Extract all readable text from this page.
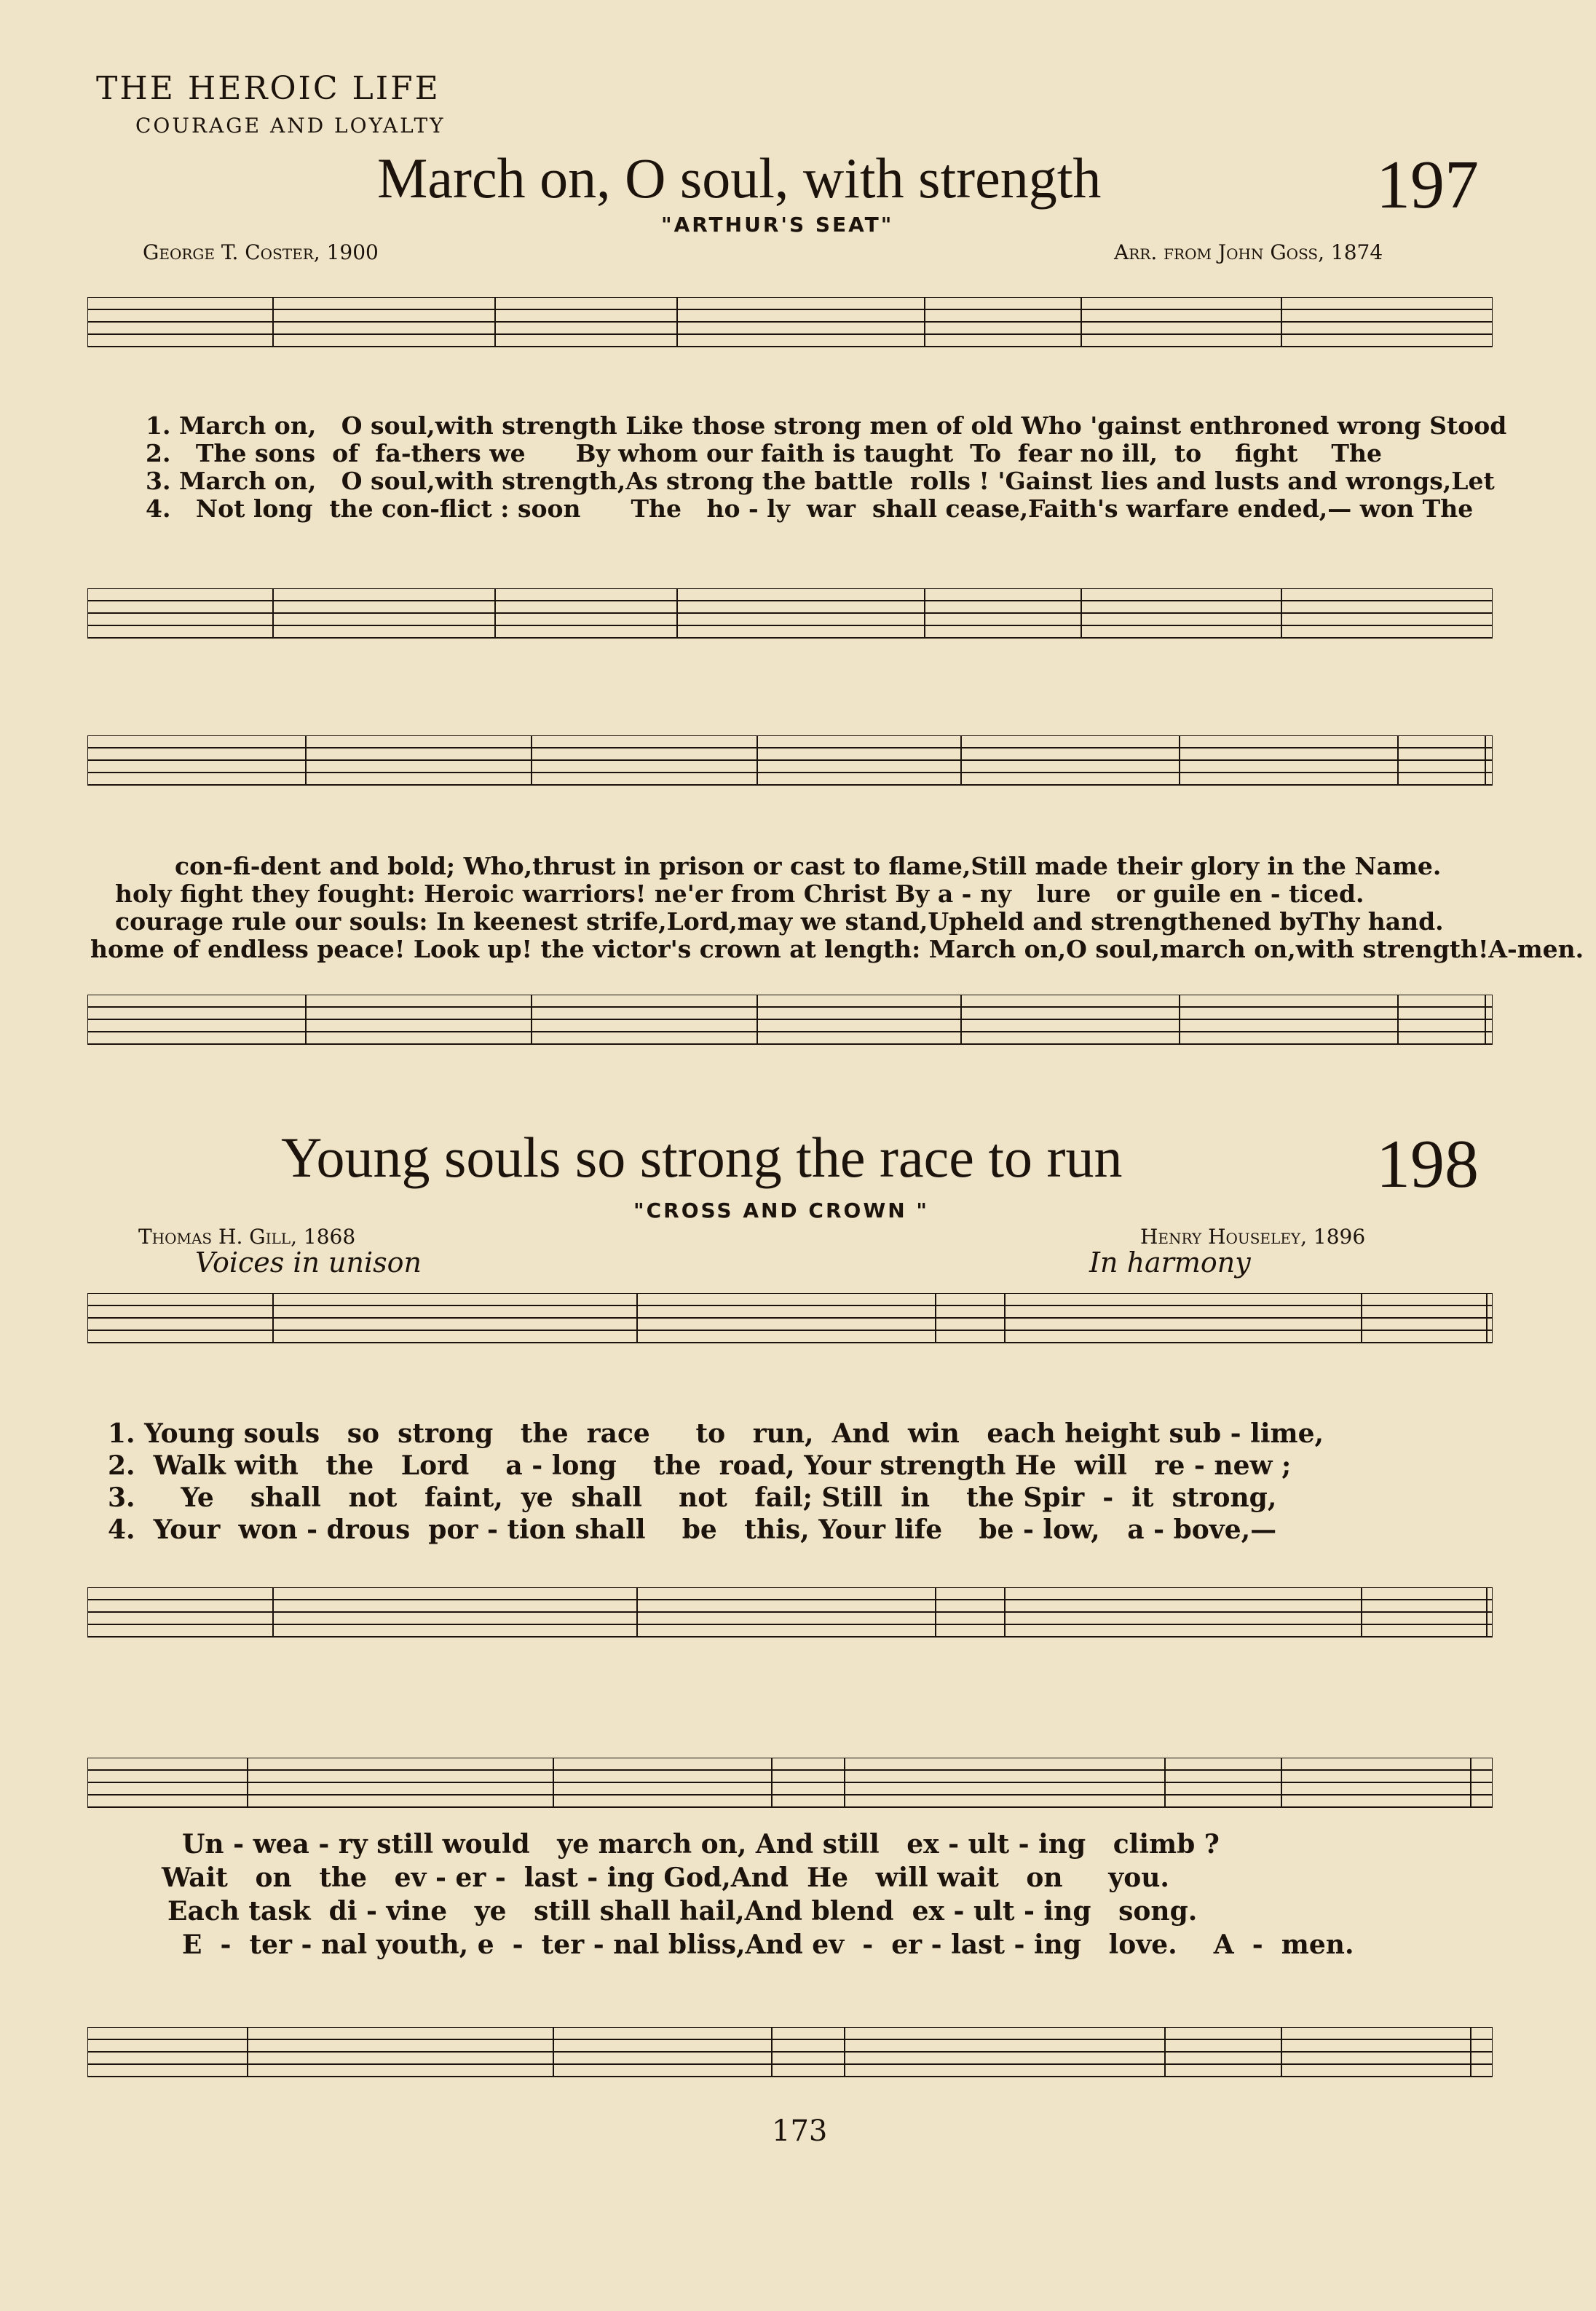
THE HEROIC LIFE
COURAGE AND LOYALTY
March on, O soul, with strength	197
"ARTHUR'S SEAT"
George T. Coster, 1900	Arr. from John Goss, 1874
1. March on,   O soul,with strength Like those strong men of old Who 'gainst enthroned wrong Stood
2.   The sons  of  fa-thers we      By whom our faith is taught  To  fear no ill,  to    fight    The
3. March on,   O soul,with strength,As strong the battle  rolls ! 'Gainst lies and lusts and wrongs,Let
4.   Not long  the con-flict : soon      The   ho - ly  war  shall cease,Faith's warfare ended,— won The
con-fi-dent and bold; Who,thrust in prison or cast to flame,Still made their glory in the Name.
holy fight they fought: Heroic warriors! ne'er from Christ By a - ny   lure   or guile en - ticed.
courage rule our souls: In keenest strife,Lord,may we stand,Upheld and strengthened byThy hand.
home of endless peace! Look up! the victor's crown at length: March on,O soul,march on,with strength!A-men.
Young souls so strong the race to run	198
"CROSS AND CROWN "
Thomas H. Gill, 1868	Henry Houseley, 1896
Voices in unison	In harmony
1. Young souls   so  strong   the  race     to   run,  And  win   each height sub - lime,
2.  Walk with   the   Lord    a - long    the  road, Your strength He  will   re - new ;
3.     Ye    shall   not   faint,  ye  shall    not   fail; Still  in    the Spir  -  it  strong,
4.  Your  won - drous  por - tion shall    be   this, Your life    be - low,   a - bove,—
Un - wea - ry still would   ye march on, And still   ex - ult - ing   climb ?
Wait   on   the   ev - er -  last - ing God,And  He   will wait   on     you.
Each task  di - vine   ye   still shall hail,And blend  ex - ult - ing   song.
E  -  ter - nal youth, e  -  ter - nal bliss,And ev  -  er - last - ing   love.    A  -  men.
173
